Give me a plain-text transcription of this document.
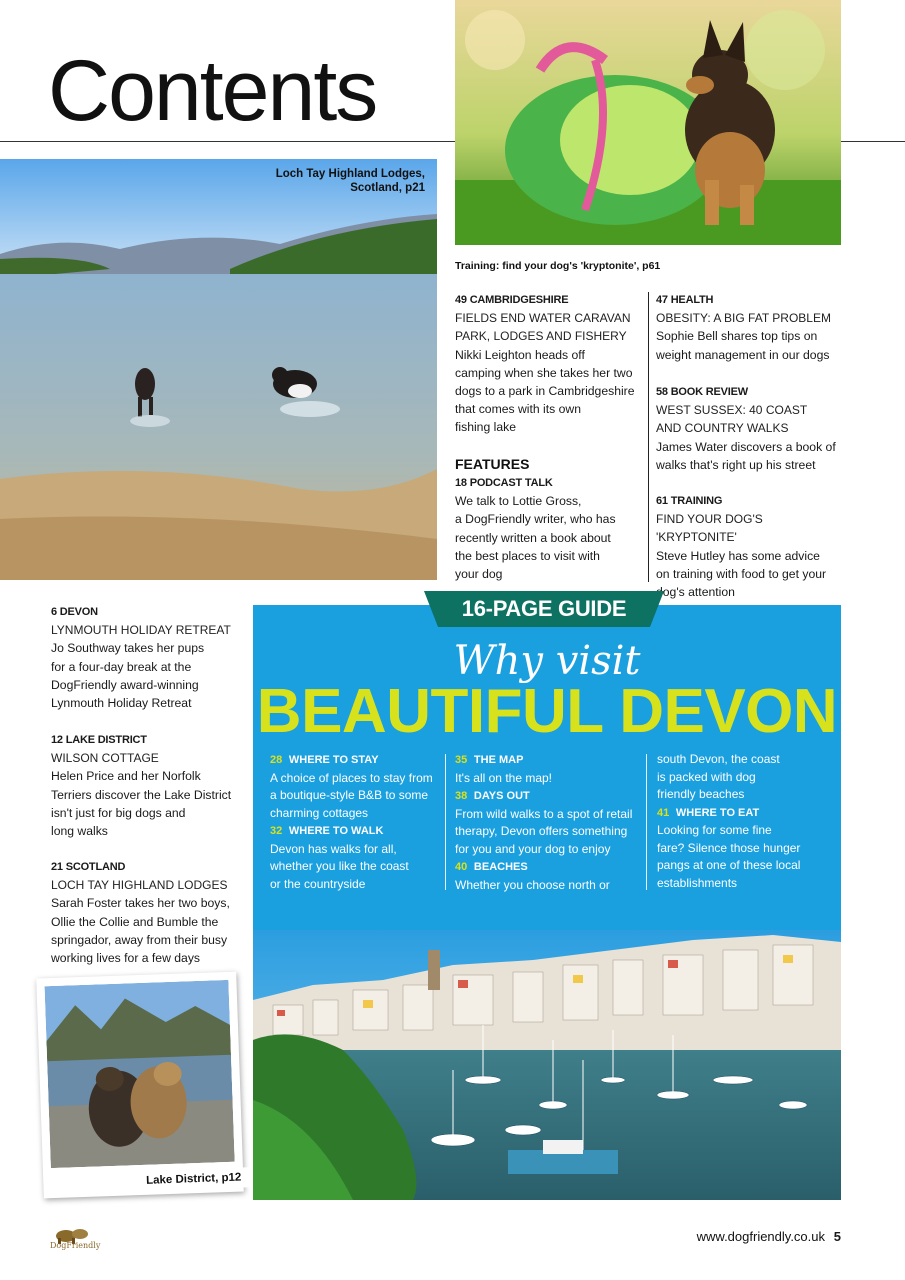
Contents
Training: find your dog's 'kryptonite', p61
Loch Tay Highland Lodges,
Scotland, p21
49 CAMBRIDGESHIRE
FIELDS END WATER CARAVAN
PARK, LODGES AND FISHERY
Nikki Leighton heads off
camping when she takes her two
dogs to a park in Cambridgeshire
that comes with its own
fishing lake
FEATURES
18 PODCAST TALK
We talk to Lottie Gross,
a DogFriendly writer, who has
recently written a book about
the best places to visit with
your dog
47 HEALTH
OBESITY: A BIG FAT PROBLEM
Sophie Bell shares top tips on
weight management in our dogs
58 BOOK REVIEW
WEST SUSSEX: 40 COAST
AND COUNTRY WALKS
James Water discovers a book of
walks that's right up his street
61 TRAINING
FIND YOUR DOG'S 'KRYPTONITE'
Steve Hutley has some advice
on training with food to get your
dog's attention
6 DEVON
LYNMOUTH HOLIDAY RETREAT
Jo Southway takes her pups
for a four-day break at the
DogFriendly award-winning
Lynmouth Holiday Retreat
12 LAKE DISTRICT
WILSON COTTAGE
Helen Price and her Norfolk
Terriers discover the Lake District
isn't just for big dogs and
long walks
21 SCOTLAND
LOCH TAY HIGHLAND LODGES
Sarah Foster takes her two boys,
Ollie the Collie and Bumble the
springador, away from their busy
working lives for a few days
16-PAGE GUIDE
Why visit
BEAUTIFUL DEVON
28 WHERE TO STAY
A choice of places to stay from
a boutique-style B&B to some
charming cottages
32 WHERE TO WALK
Devon has walks for all,
whether you like the coast
or the countryside
35 THE MAP
It's all on the map!
38 DAYS OUT
From wild walks to a spot of retail
therapy, Devon offers something
for you and your dog to enjoy
40 BEACHES
Whether you choose north or
south Devon, the coast
is packed with dog
friendly beaches
41 WHERE TO EAT
Looking for some fine
fare? Silence those hunger
pangs at one of these local
establishments
Lake District, p12
DogFriendly
www.dogfriendly.co.uk 5
